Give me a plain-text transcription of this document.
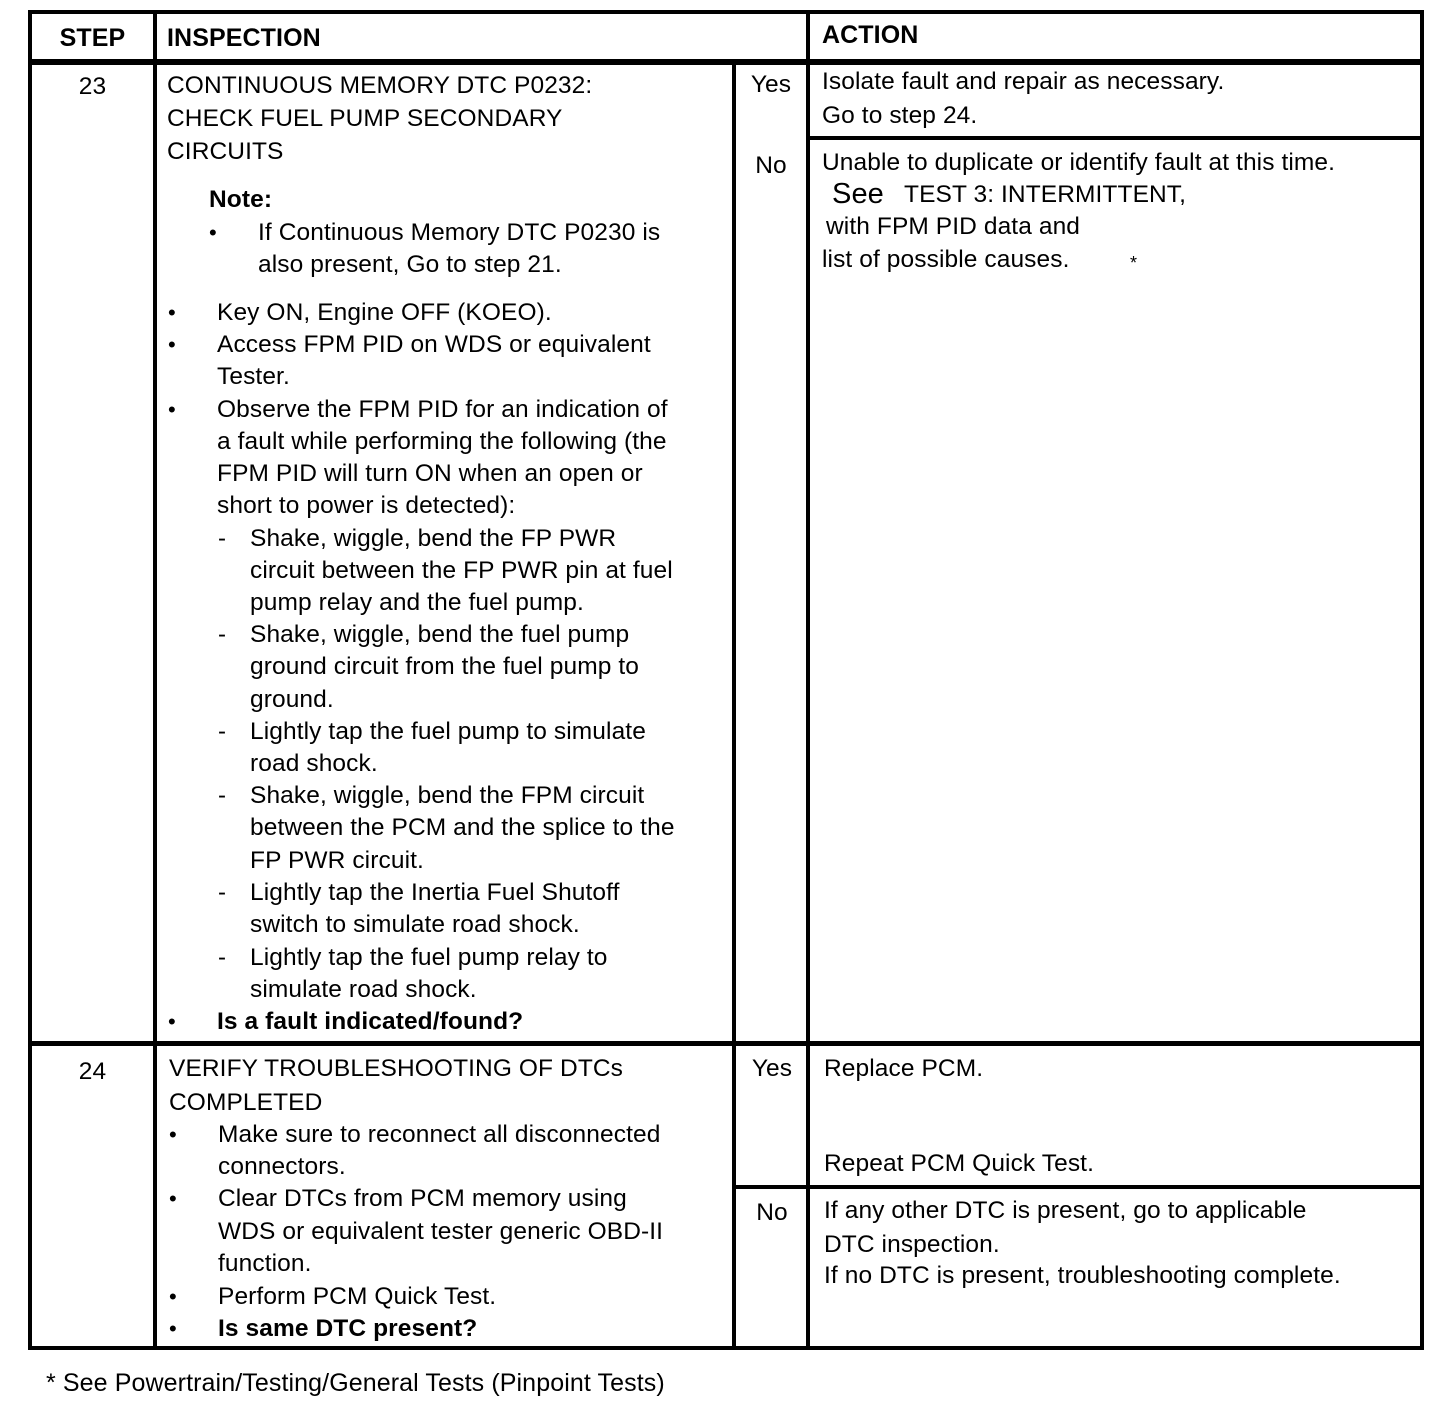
STEP	INSPECTION	ACTION
23	CONTINUOUS MEMORY DTC P0232:
CHECK FUEL PUMP SECONDARY
CIRCUITS
Note:
• If Continuous Memory DTC P0230 is
also present, Go to step 21.
• Key ON, Engine OFF (KOEO).
• Access FPM PID on WDS or equivalent
Tester.
• Observe the FPM PID for an indication of
a fault while performing the following (the
FPM PID will turn ON when an open or
short to power is detected):
- Shake, wiggle, bend the FP PWR
circuit between the FP PWR pin at fuel
pump relay and the fuel pump.
- Shake, wiggle, bend the fuel pump
ground circuit from the fuel pump to
ground.
- Lightly tap the fuel pump to simulate
road shock.
- Shake, wiggle, bend the FPM circuit
between the PCM and the splice to the
FP PWR circuit.
- Lightly tap the Inertia Fuel Shutoff
switch to simulate road shock.
- Lightly tap the fuel pump relay to
simulate road shock.
• Is a fault indicated/found?
Yes	Isolate fault and repair as necessary.
Go to step 24.
No	Unable to duplicate or identify fault at this time.
See TEST 3: INTERMITTENT,
with FPM PID data and
list of possible causes.	*
24	VERIFY TROUBLESHOOTING OF DTCs
COMPLETED
• Make sure to reconnect all disconnected
connectors.
• Clear DTCs from PCM memory using
WDS or equivalent tester generic OBD-II
function.
• Perform PCM Quick Test.
• Is same DTC present?
Yes	Replace PCM.
Repeat PCM Quick Test.
No	If any other DTC is present, go to applicable
DTC inspection.
If no DTC is present, troubleshooting complete.
* See Powertrain/Testing/General Tests (Pinpoint Tests)
